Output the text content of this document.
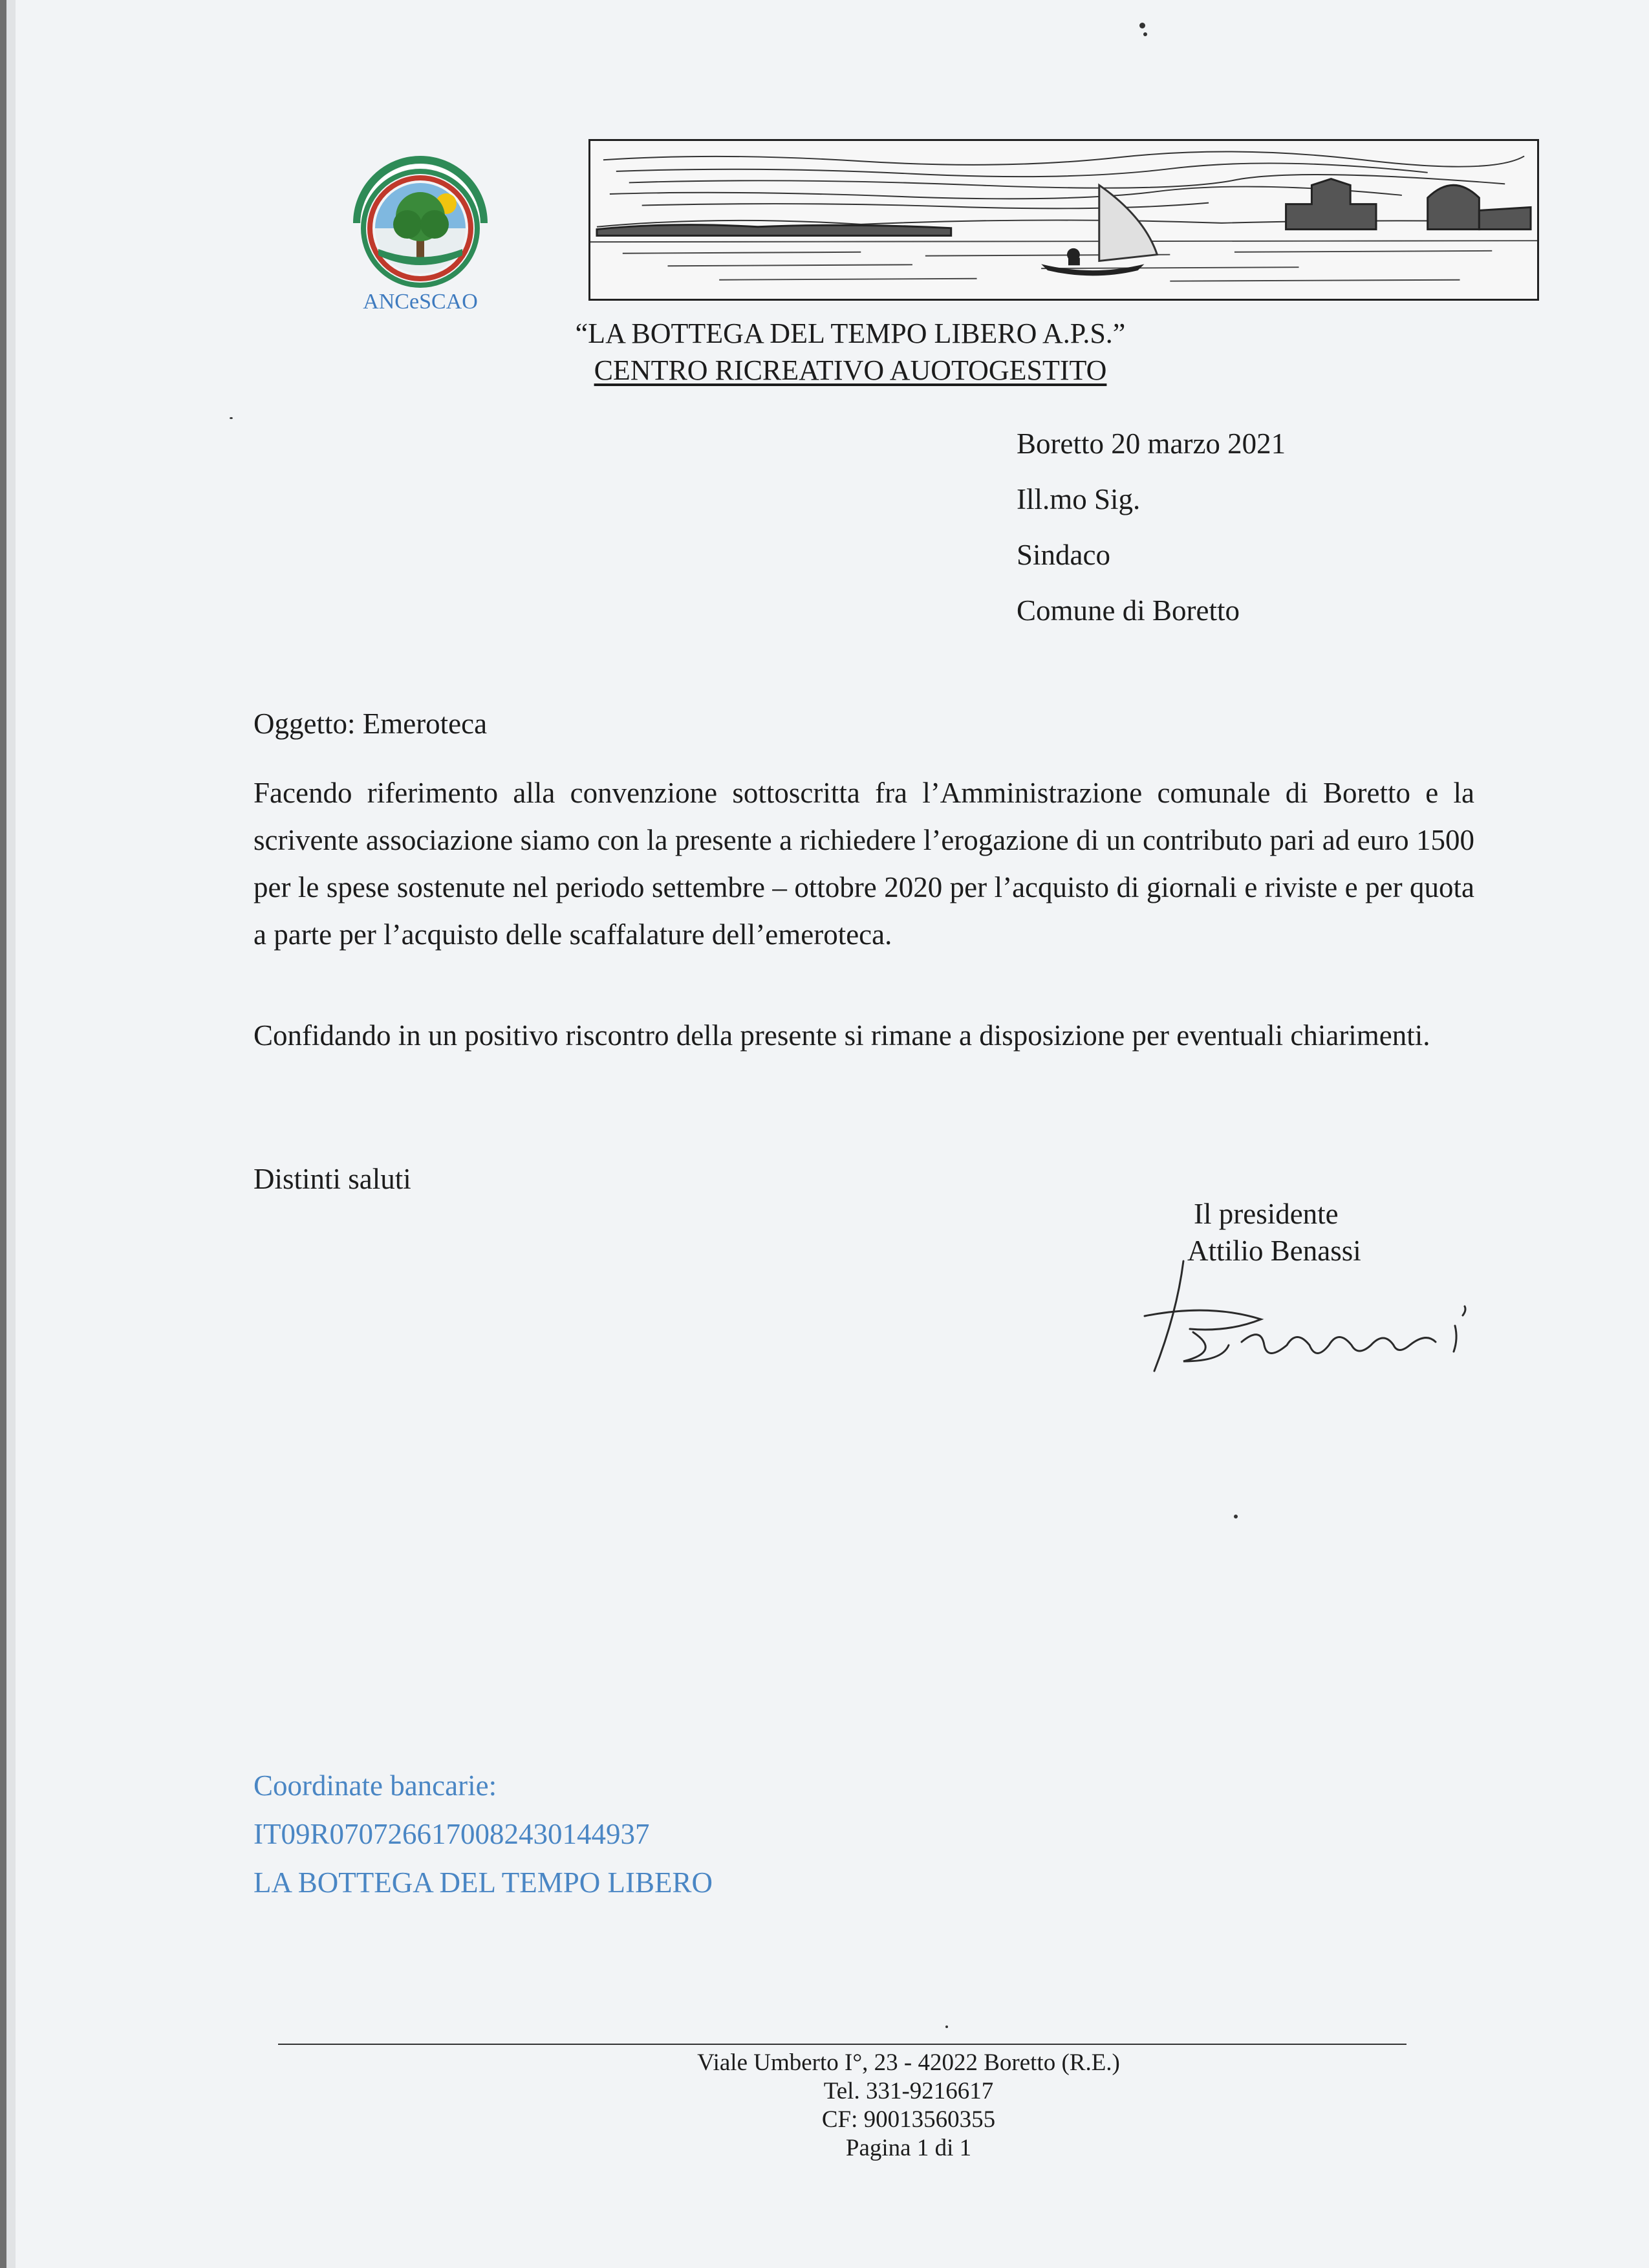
ANCeSCAO
“LA BOTTEGA DEL TEMPO LIBERO A.P.S.”
CENTRO RICREATIVO AUOTOGESTITO
Boretto 20 marzo 2021
Ill.mo Sig.
Sindaco
Comune di Boretto
Oggetto: Emeroteca
Facendo riferimento alla convenzione sottoscritta fra l’Amministrazione comunale di Boretto e la scrivente associazione siamo con la presente a richiedere l’erogazione di un contributo pari ad euro 1500 per le spese sostenute nel periodo settembre – ottobre 2020 per l’acquisto di giornali e riviste e per quota a parte per l’acquisto delle scaffalature dell’emeroteca.
Confidando in un positivo riscontro della presente si rimane a disposizione per eventuali chiarimenti.
Distinti saluti
Il presidente
Attilio Benassi
Coordinate bancarie:
IT09R0707266170082430144937
LA BOTTEGA DEL TEMPO LIBERO
Viale Umberto I°, 23 - 42022 Boretto (R.E.)
Tel. 331-9216617
CF: 90013560355
Pagina 1 di 1
